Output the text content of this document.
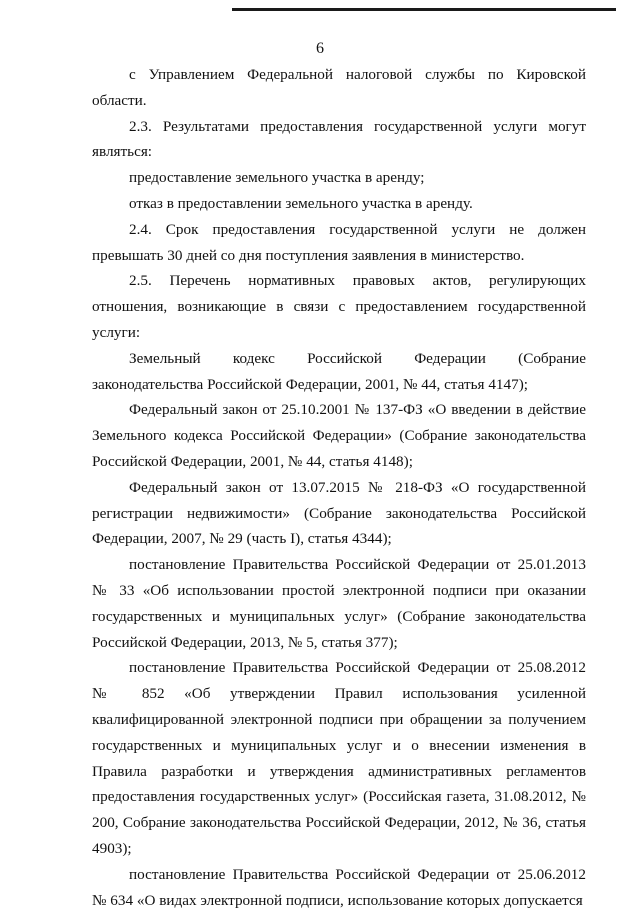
6

с Управлением Федеральной налоговой службы по Кировской области.

2.3. Результатами предоставления государственной услуги могут являться:

предоставление земельного участка в аренду;

отказ в предоставлении земельного участка в аренду.

2.4. Срок предоставления государственной услуги не должен превышать 30 дней со дня поступления заявления в министерство.

2.5. Перечень нормативных правовых актов, регулирующих отношения, возникающие в связи с предоставлением государственной услуги:

Земельный кодекс Российской Федерации (Собрание законодательства Российской Федерации, 2001, № 44, статья 4147);

Федеральный закон от 25.10.2001 № 137-ФЗ «О введении в действие Земельного кодекса Российской Федерации» (Собрание законодательства Российской Федерации, 2001, № 44, статья 4148);

Федеральный закон от 13.07.2015 № 218-ФЗ «О государственной регистрации недвижимости» (Собрание законодательства Российской Федерации, 2007, № 29 (часть I), статья 4344);

постановление Правительства Российской Федерации от 25.01.2013 № 33 «Об использовании простой электронной подписи при оказании государственных и муниципальных услуг» (Собрание законодательства Российской Федерации, 2013, № 5, статья 377);

постановление Правительства Российской Федерации от 25.08.2012 № 852 «Об утверждении Правил использования усиленной квалифицированной электронной подписи при обращении за получением государственных и муниципальных услуг и о внесении изменения в Правила разработки и утверждения административных регламентов предоставления государственных услуг» (Российская газета, 31.08.2012, № 200, Собрание законодательства Российской Федерации, 2012, № 36, статья 4903);

постановление Правительства Российской Федерации от 25.06.2012 № 634 «О видах электронной подписи, использование которых допускается
